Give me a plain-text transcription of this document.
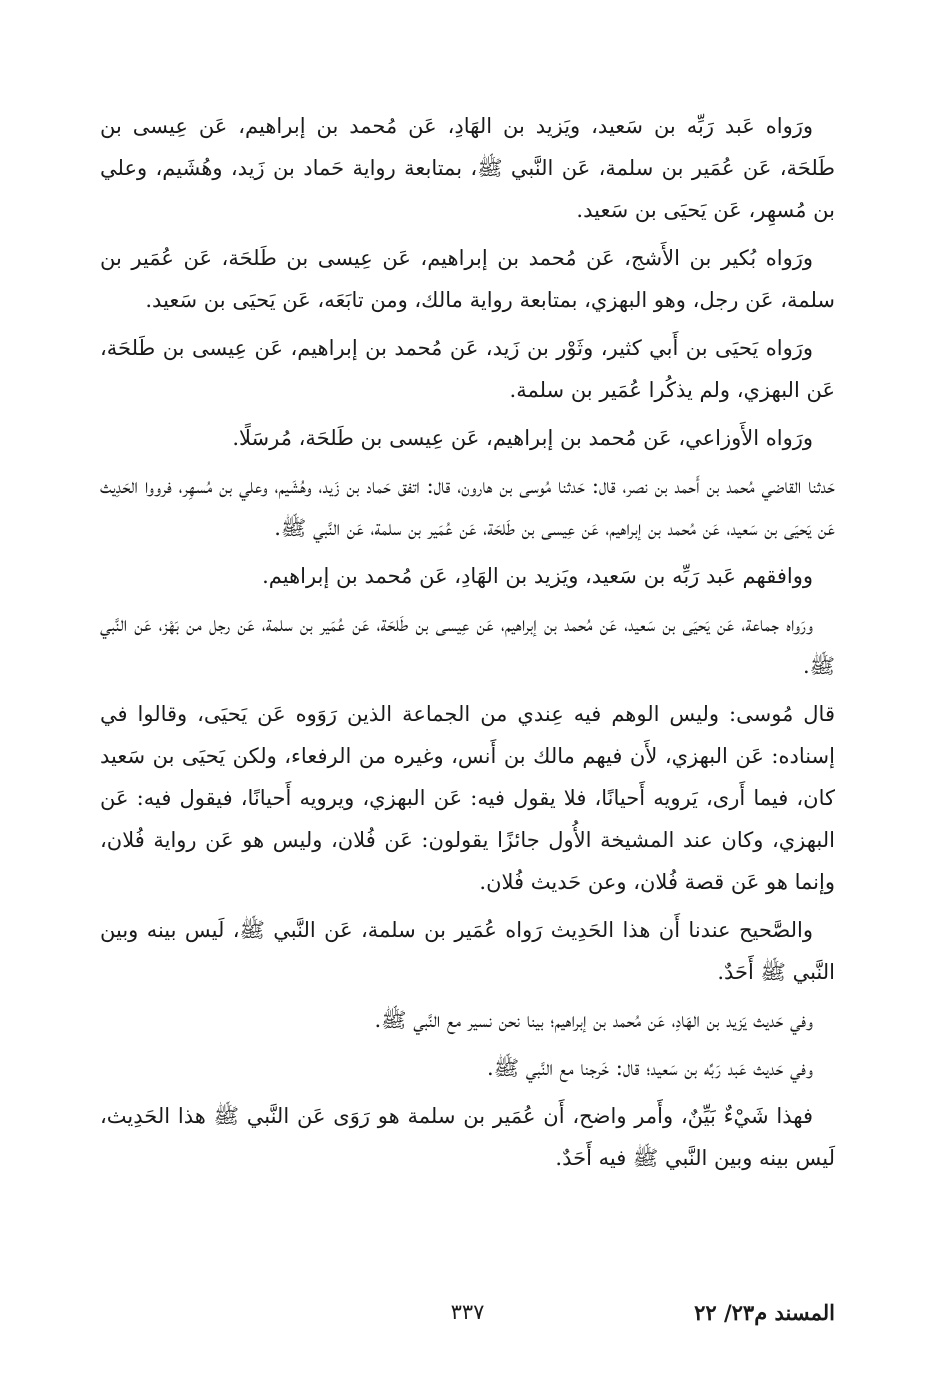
ورَواه عَبد رَبِّه بن سَعيد، ويَزيد بن الهَادِ، عَن مُحمد بن إبراهيم، عَن عِيسى بن طَلحَة، عَن عُمَير بن سلمة، عَن النَّبي ﷺ، بمتابعة رواية حَماد بن زَيد، وهُشَيم، وعلي بن مُسهِر، عَن يَحيَى بن سَعيد.

ورَواه بُكير بن الأَشج، عَن مُحمد بن إبراهيم، عَن عِيسى بن طَلحَة، عَن عُمَير بن سلمة، عَن رجل، وهو البهزي، بمتابعة رواية مالك، ومن تابَعَه، عَن يَحيَى بن سَعيد.

ورَواه يَحيَى بن أَبي كثير، وثَوْر بن زَيد، عَن مُحمد بن إبراهيم، عَن عِيسى بن طَلحَة، عَن البهزي، ولم يذكُرا عُمَير بن سلمة.

ورَواه الأَوزاعي، عَن مُحمد بن إبراهيم، عَن عِيسى بن طَلحَة، مُرسَلًا.

حَدثنا القاضي مُحمد بن أَحمد بن نصر، قال: حَدثنا مُوسى بن هارون، قال: اتفق حَماد بن زَيد، وهُشَيم، وعلي بن مُسهِر، فرووا الحَدِيث عَن يَحيَى بن سَعيد، عَن مُحمد بن إبراهيم، عَن عِيسى بن طَلحَة، عَن عُمَير بن سلمة، عَن النَّبي ﷺ.

ووافقهم عَبد رَبِّه بن سَعيد، ويَزيد بن الهَادِ، عَن مُحمد بن إبراهيم.

ورَواه جماعة، عَن يَحيَى بن سَعيد، عَن مُحمد بن إبراهيم، عَن عِيسى بن طَلحَة، عَن عُمَير بن سلمة، عَن رجل من بَهْز، عَن النَّبي ﷺ.

قال مُوسى: وليس الوهم فيه عِندي من الجماعة الذين رَوَوه عَن يَحيَى، وقالوا في إسناده: عَن البهزي، لأَن فيهم مالك بن أَنس، وغيره من الرفعاء، ولكن يَحيَى بن سَعيد كان، فيما أَرى، يَرويه أَحيانًا، فلا يقول فيه: عَن البهزي، ويرويه أَحيانًا، فيقول فيه: عَن البهزي، وكان عند المشيخة الأُول جائزًا يقولون: عَن فُلان، وليس هو عَن رواية فُلان، وإنما هو عَن قصة فُلان، وعن حَديث فُلان.

والصَّحيح عندنا أَن هذا الحَدِيث رَواه عُمَير بن سلمة، عَن النَّبي ﷺ، لَيس بينه وبين النَّبي ﷺ أَحَدٌ.

وفي حَديث يَزيد بن الهَادِ، عَن مُحمد بن إبراهيم؛ بينا نحن نسير مع النَّبي ﷺ.

وفي حَديث عَبد رَبِّه بن سَعيد؛ قال: خَرجنا مع النَّبي ﷺ.

فهذا شَيْءٌ بَيِّنٌ، وأَمر واضح، أَن عُمَير بن سلمة هو رَوَى عَن النَّبي ﷺ هذا الحَدِيث، لَيس بينه وبين النَّبي ﷺ فيه أَحَدٌ.

المسند م٢٣/ ٢٢
٣٣٧
